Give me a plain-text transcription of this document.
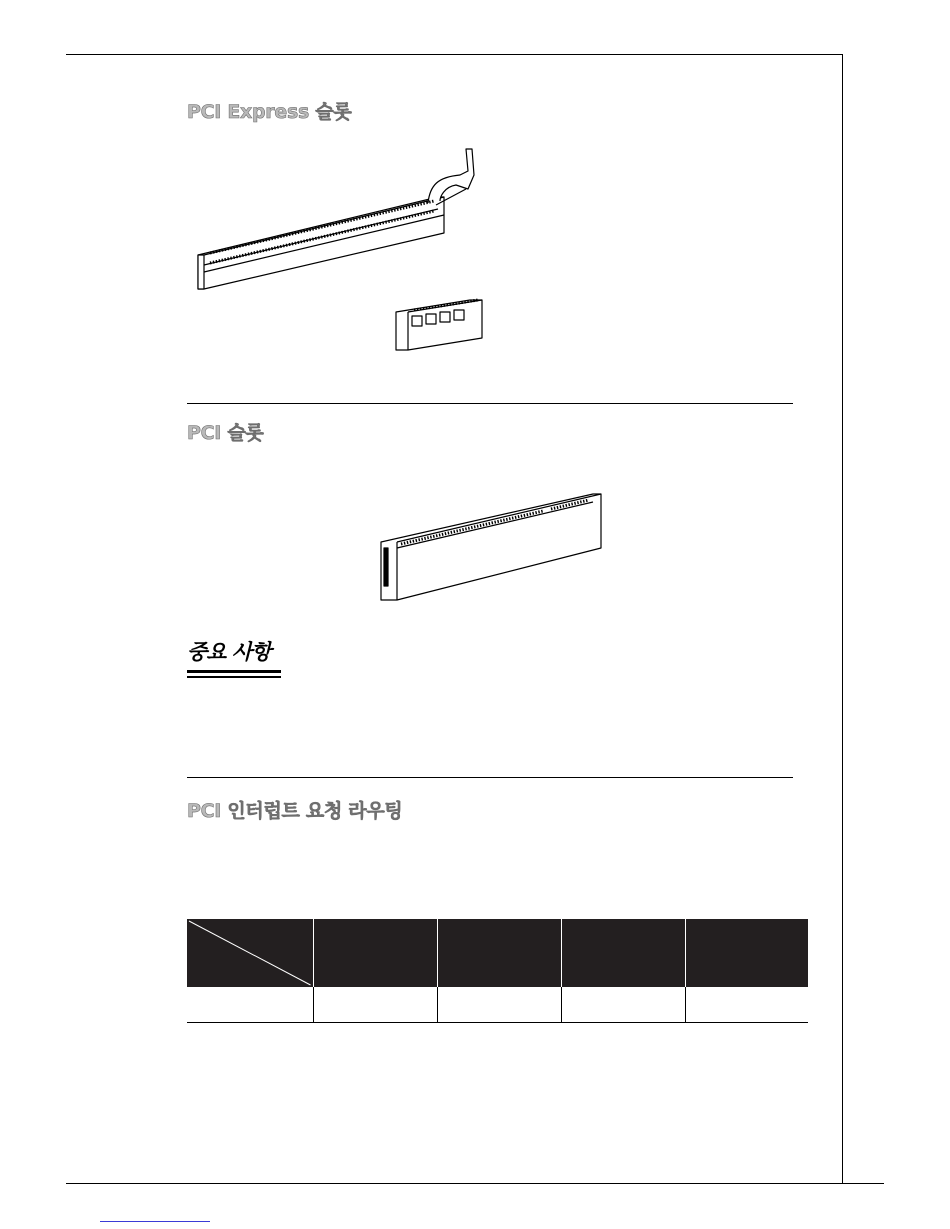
PCI Express 슬롯
PCI 슬롯
중요 사항
PCI 인터럽트 요청 라우팅
